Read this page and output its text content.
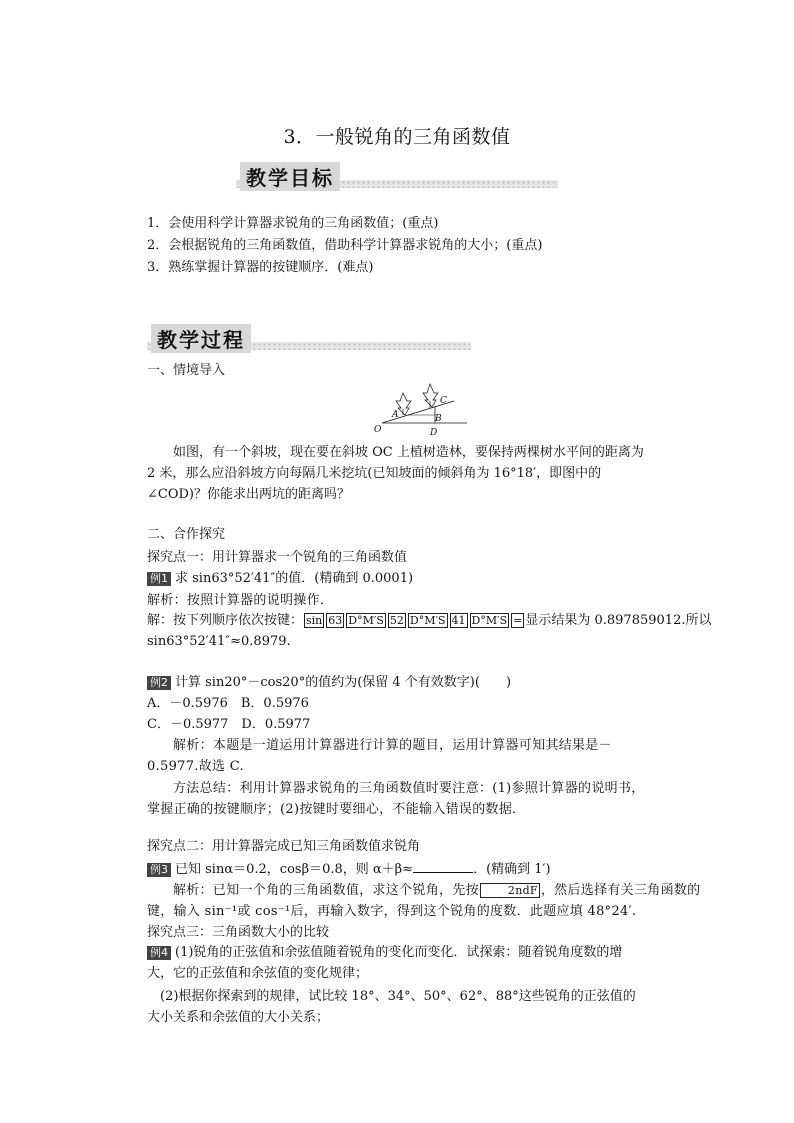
3．一般锐角的三角函数值
教学目标
1．会使用科学计算器求锐角的三角函数值；(重点)
2．会根据锐角的三角函数值，借助科学计算器求锐角的大小；(重点)
3．熟练掌握计算器的按键顺序．(难点)
教学过程
一、情境导入
O
A	B
C
D
如图，有一个斜坡，现在要在斜坡 OC 上植树造林，要保持两棵树水平间的距离为 2 米，那么应沿斜坡方向每隔几米挖坑(已知坡面的倾斜角为 16°18′，即图中的∠COD)？你能求出两坑的距离吗？
二、合作探究
探究点一：用计算器求一个锐角的三角函数值
例1 求 sin63°52′41″的值．(精确到 0.0001)
解析：按照计算器的说明操作．
解：按下列顺序依次按键： sin 63 D°M′S 52 D°M′S 41 D°M′S = 显示结果为 0.897859012.所以
sin63°52′41″≈0.8979.
例2 计算 sin20°－cos20°的值约为(保留 4 个有效数字)(　　)
A．－0.5976　B．0.5976
C．－0.5977　D．0.5977
解析：本题是一道运用计算器进行计算的题目，运用计算器可知其结果是－0.5977.故选 C.
方法总结：利用计算器求锐角的三角函数值时要注意：(1)参照计算器的说明书，掌握正确的按键顺序；(2)按键时要细心，不能输入错误的数据．
探究点二：用计算器完成已知三角函数值求锐角
例3 已知 sinα＝0.2，cosβ＝0.8，则 α＋β≈	．(精确到 1′)
解析：已知一个角的三角函数值，求这个锐角，先按	2ndF ，然后选择有关三角函数的
键，输入 sin⁻¹或 cos⁻¹后，再输入数字，得到这个锐角的度数．此题应填 48°24′.
探究点三：三角函数大小的比较
例4 (1)锐角的正弦值和余弦值随着锐角的变化而变化．试探索：随着锐角度数的增大，它的正弦值和余弦值的变化规律；
(2)根据你探索到的规律，试比较 18°、34°、50°、62°、88°这些锐角的正弦值的大小关系和余弦值的大小关系；
